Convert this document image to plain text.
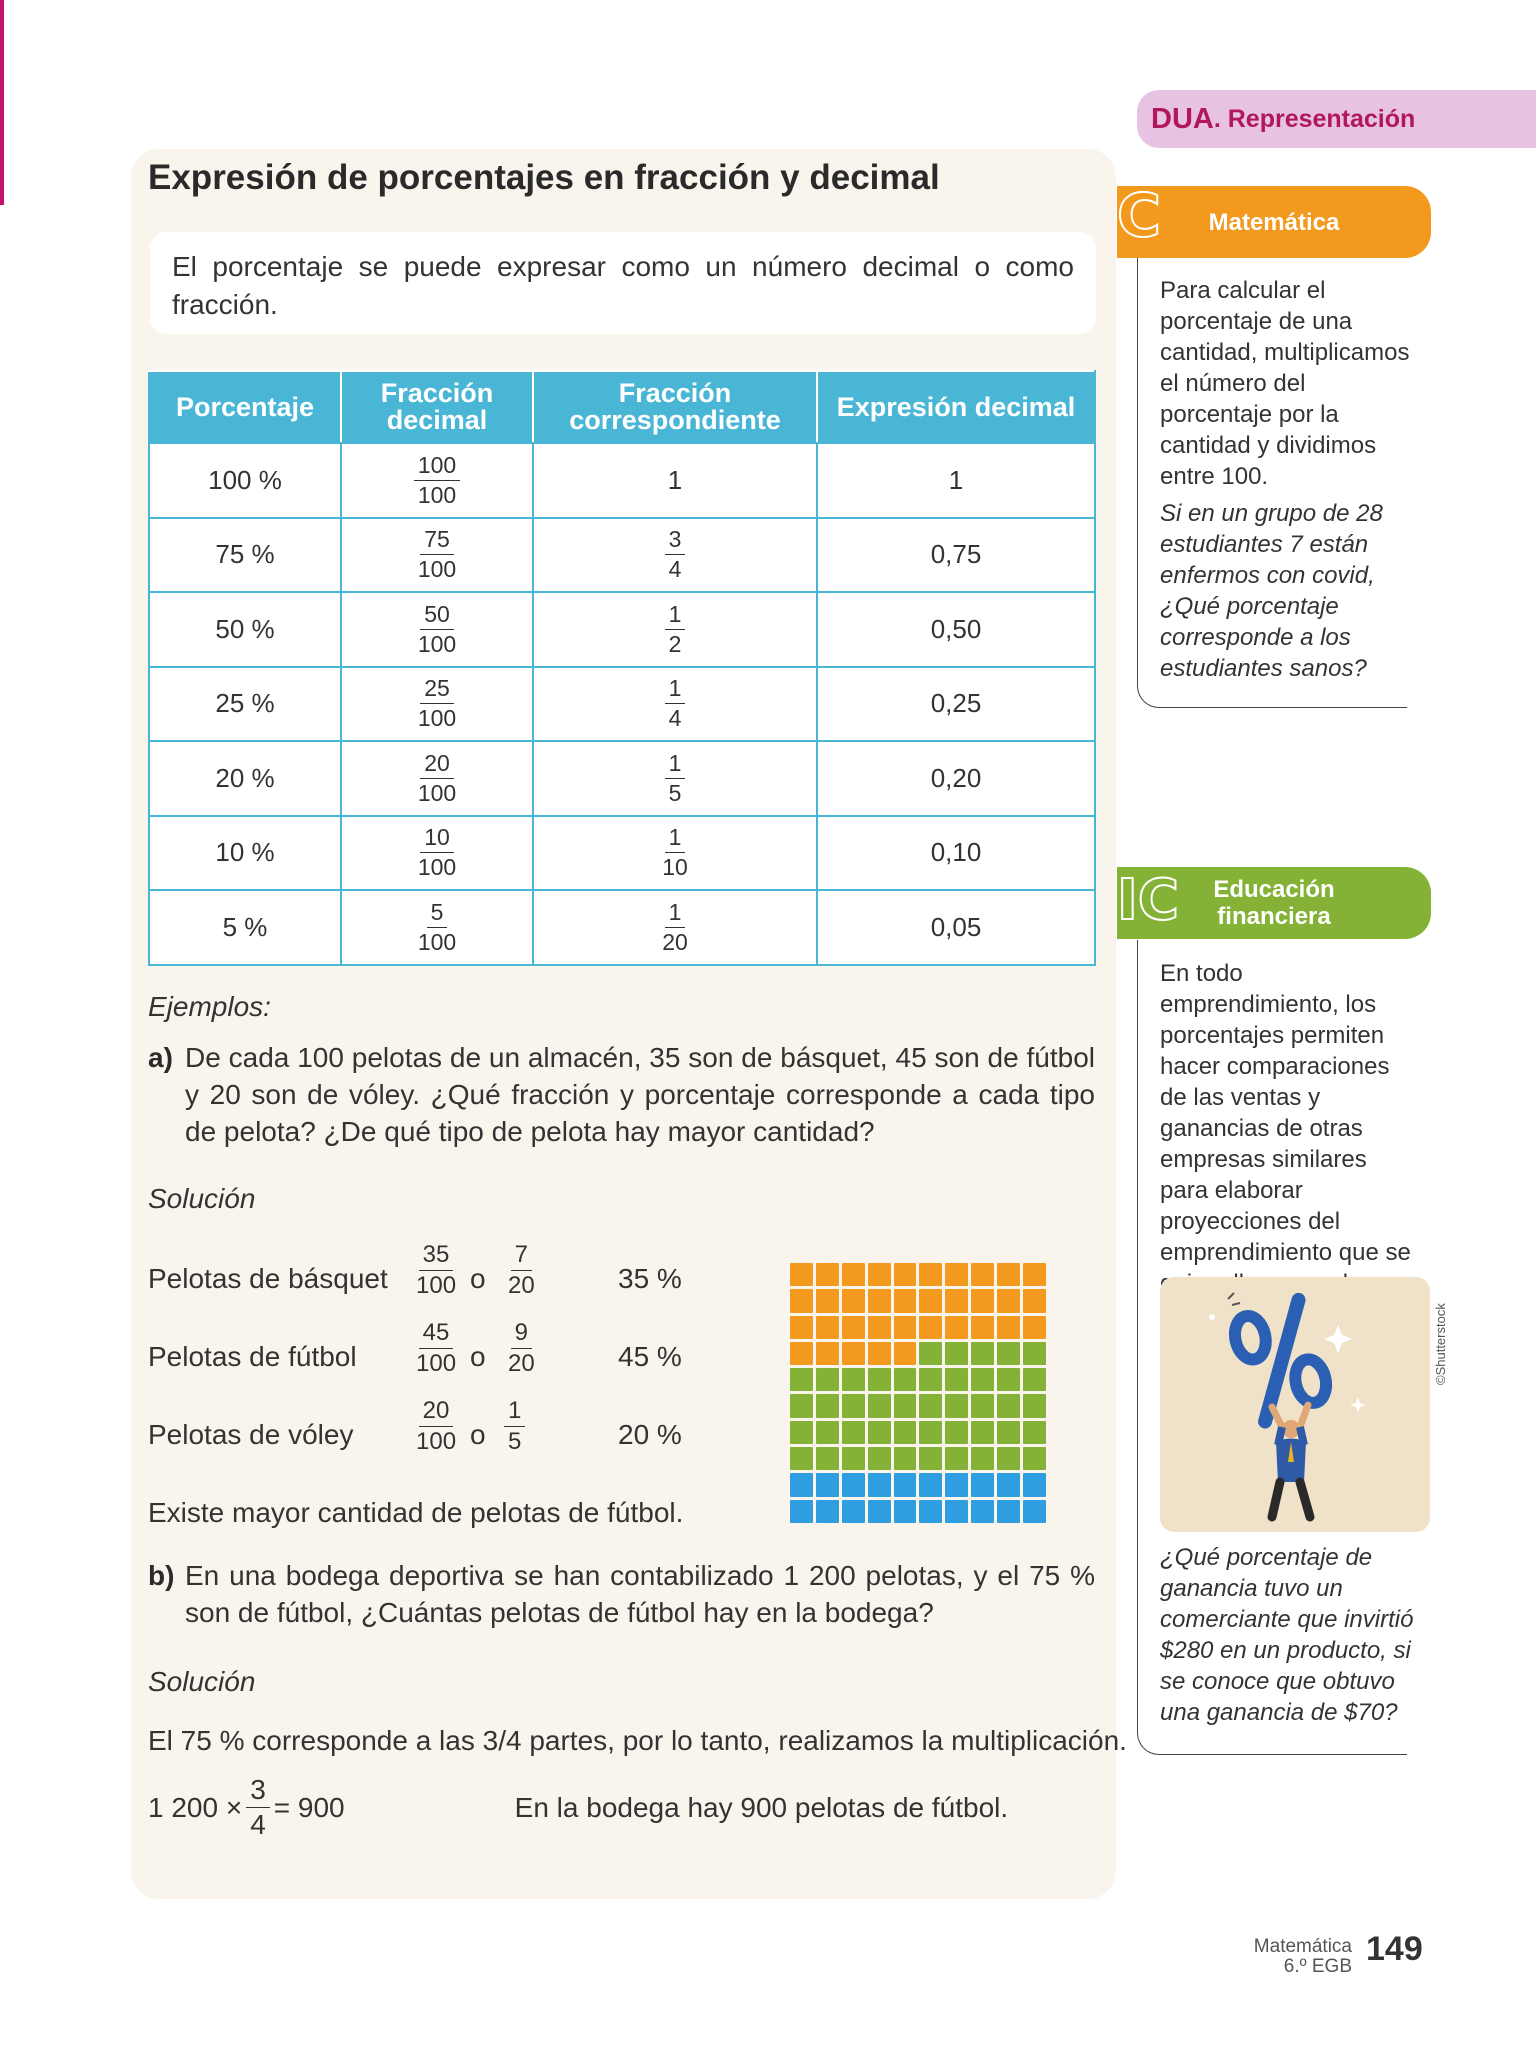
Expresión de porcentajes en fracción y decimal

El porcentaje se puede expresar como un número decimal o como fracción.

Porcentaje	Fracción decimal	Fracción correspondiente	Expresión decimal
100 %	$\frac{100}{100}$	1	1
75 %	$\frac{75}{100}$	$\frac{3}{4}$	0,75
50 %	$\frac{50}{100}$	$\frac{1}{2}$	0,50
25 %	$\frac{25}{100}$	$\frac{1}{4}$	0,25
20 %	$\frac{20}{100}$	$\frac{1}{5}$	0,20
10 %	$\frac{10}{100}$	$\frac{1}{10}$	0,10
5 %	$\frac{5}{100}$	$\frac{1}{20}$	0,05
Ejemplos:
a) De cada 100 pelotas de un almacén, 35 son de básquet, 45 son de fútbol y 20 son de vóley. ¿Qué fracción y porcentaje corresponde a cada tipo de pelota? ¿De qué tipo de pelota hay mayor cantidad?
Solución
Pelotas de básquet $\frac{35}{100}$ o $\frac{7}{20}$	35 %
Pelotas de fútbol $\frac{45}{100}$ o $\frac{9}{20}$	45 %
Pelotas de vóley $\frac{20}{100}$ o $\frac{1}{5}$	20 %
Existe mayor cantidad de pelotas de fútbol.
b) En una bodega deportiva se han contabilizado 1 200 pelotas, y el 75 % son de fútbol, ¿Cuántas pelotas de fútbol hay en la bodega?
Solución
El 75 % corresponde a las 3/4 partes, por lo tanto, realizamos la multiplicación.
1 $200 \times \frac{3}{4} = 900$	En la bodega hay 900 pelotas de fútbol.
DUA . Representación
Matemática
C
Para calcular el porcentaje de una cantidad, multiplicamos el número del porcentaje por la cantidad y dividimos entre 100.
Si en un grupo de 28 estudiantes 7 están enfermos con covid, ¿Qué porcentaje corresponde a los estudiantes sanos?
Educación financiera
IC
En todo emprendimiento, los porcentajes permiten hacer comparaciones de las ventas y ganancias de otras empresas similares para elaborar proyecciones del emprendimiento que se
©Shutterstock
¿Qué porcentaje de ganancia tuvo un comerciante que invirtió $280 en un producto, si se conoce que obtuvo una ganancia de $70?
Matemática
6.º EGB 149
